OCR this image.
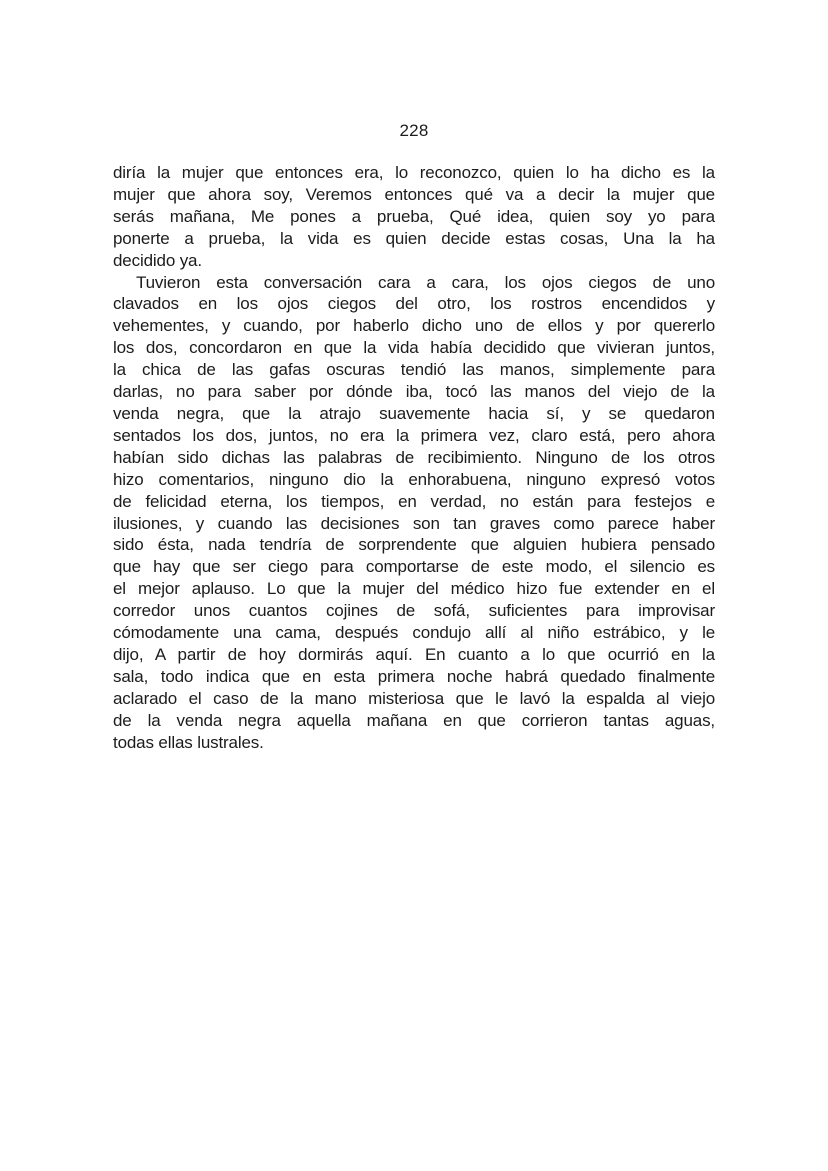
228

diría la mujer que entonces era, lo reconozco, quien lo ha dicho es la
mujer que ahora soy, Veremos entonces qué va a decir la mujer que
serás mañana, Me pones a prueba, Qué idea, quien soy yo para
ponerte a prueba, la vida es quien decide estas cosas, Una la ha
decidido ya.

Tuvieron esta conversación cara a cara, los ojos ciegos de uno
clavados en los ojos ciegos del otro, los rostros encendidos y
vehementes, y cuando, por haberlo dicho uno de ellos y por quererlo
los dos, concordaron en que la vida había decidido que vivieran juntos,
la chica de las gafas oscuras tendió las manos, simplemente para
darlas, no para saber por dónde iba, tocó las manos del viejo de la
venda negra, que la atrajo suavemente hacia sí, y se quedaron
sentados los dos, juntos, no era la primera vez, claro está, pero ahora
habían sido dichas las palabras de recibimiento. Ninguno de los otros
hizo comentarios, ninguno dio la enhorabuena, ninguno expresó votos
de felicidad eterna, los tiempos, en verdad, no están para festejos e
ilusiones, y cuando las decisiones son tan graves como parece haber
sido ésta, nada tendría de sorprendente que alguien hubiera pensado
que hay que ser ciego para comportarse de este modo, el silencio es
el mejor aplauso. Lo que la mujer del médico hizo fue extender en el
corredor unos cuantos cojines de sofá, suficientes para improvisar
cómodamente una cama, después condujo allí al niño estrábico, y le
dijo, A partir de hoy dormirás aquí. En cuanto a lo que ocurrió en la
sala, todo indica que en esta primera noche habrá quedado finalmente
aclarado el caso de la mano misteriosa que le lavó la espalda al viejo
de la venda negra aquella mañana en que corrieron tantas aguas,
todas ellas lustrales.
